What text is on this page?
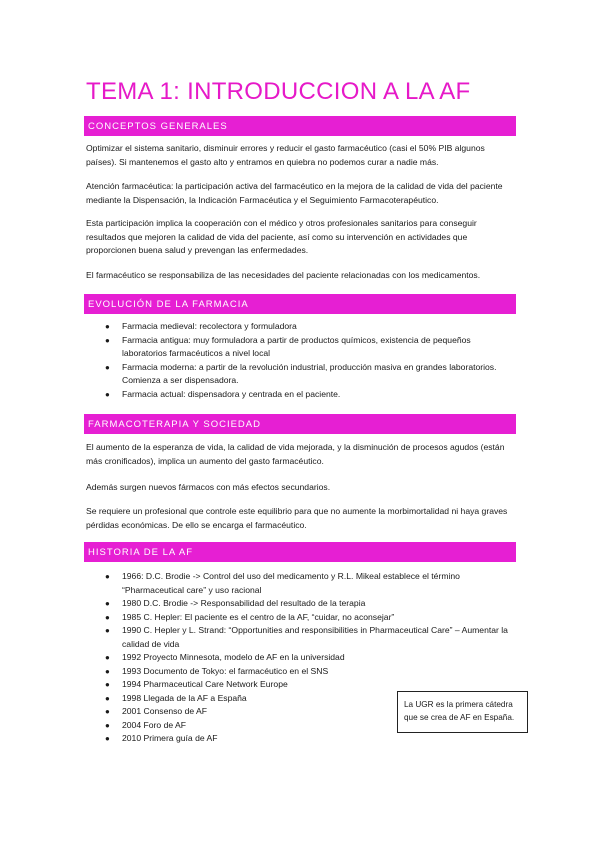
TEMA 1: INTRODUCCION A LA AF
CONCEPTOS GENERALES

Optimizar el sistema sanitario, disminuir errores y reducir el gasto farmacéutico (casi el 50% PIB algunos países). Si mantenemos el gasto alto y entramos en quiebra no podemos curar a nadie más.

Atención farmacéutica: la participación activa del farmacéutico en la mejora de la calidad de vida del paciente mediante la Dispensación, la Indicación Farmacéutica y el Seguimiento Farmacoterapéutico.

Esta participación implica la cooperación con el médico y otros profesionales sanitarios para conseguir resultados que mejoren la calidad de vida del paciente, así como su intervención en actividades que proporcionen buena salud y prevengan las enfermedades.

El farmacéutico se responsabiliza de las necesidades del paciente relacionadas con los medicamentos.

EVOLUCIÓN DE LA FARMACIA
● Farmacia medieval: recolectora y formuladora
● Farmacia antigua: muy formuladora a partir de productos químicos, existencia de pequeños laboratorios farmacéuticos a nivel local
● Farmacia moderna: a partir de la revolución industrial, producción masiva en grandes laboratorios. Comienza a ser dispensadora.
● Farmacia actual: dispensadora y centrada en el paciente.
FARMACOTERAPIA Y SOCIEDAD

El aumento de la esperanza de vida, la calidad de vida mejorada, y la disminución de procesos agudos (están más cronificados), implica un aumento del gasto farmacéutico.

Además surgen nuevos fármacos con más efectos secundarios.

Se requiere un profesional que controle este equilibrio para que no aumente la morbimortalidad ni haya graves pérdidas económicas. De ello se encarga el farmacéutico.

HISTORIA DE LA AF
● 1966: D.C. Brodie -> Control del uso del medicamento y R.L. Mikeal establece el término “Pharmaceutical care” y uso racional
● 1980 D.C. Brodie -> Responsabilidad del resultado de la terapia
● 1985 C. Hepler: El paciente es el centro de la AF, “cuidar, no aconsejar”
● 1990 C. Hepler y L. Strand: “Opportunities and responsibilities in Pharmaceutical Care” – Aumentar la calidad de vida
● 1992 Proyecto Minnesota, modelo de AF en la universidad
● 1993 Documento de Tokyo: el farmacéutico en el SNS
● 1994 Pharmaceutical Care Network Europe
● 1998 Llegada de la AF a España
● 2001 Consenso de AF
● 2004 Foro de AF
● 2010 Primera guía de AF
La UGR es la primera cátedra
que se crea de AF en España.
